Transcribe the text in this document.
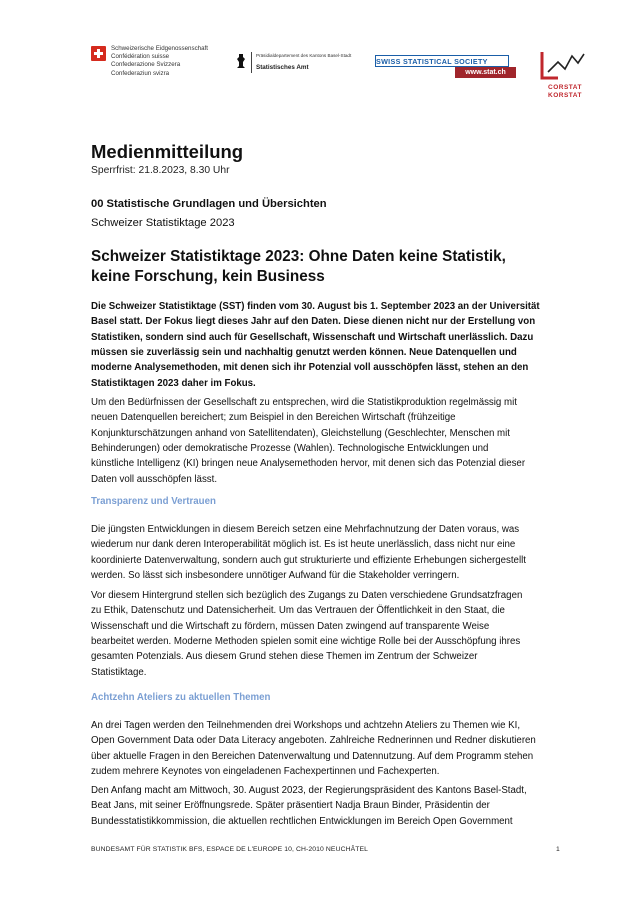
Schweizerische Eidgenossenschaft
Confédération suisse
Confederazione Svizzera
Confederaziun svizra
Präsidialdepartement des Kantons Basel-Stadt
Statistisches Amt
SWISS STATISTICAL SOCIETY
www.stat.ch
CORSTAT
KORSTAT
Medienmitteilung
Sperrfrist: 21.8.2023, 8.30 Uhr
00 Statistische Grundlagen und Übersichten
Schweizer Statistiktage 2023
Schweizer Statistiktage 2023: Ohne Daten keine Statistik,
keine Forschung, kein Business
Die Schweizer Statistiktage (SST) finden vom 30. August bis 1. September 2023 an der Universität
Basel statt. Der Fokus liegt dieses Jahr auf den Daten. Diese dienen nicht nur der Erstellung von
Statistiken, sondern sind auch für Gesellschaft, Wissenschaft und Wirtschaft unerlässlich. Dazu
müssen sie zuverlässig sein und nachhaltig genutzt werden können. Neue Datenquellen und
moderne Analysemethoden, mit denen sich ihr Potenzial voll ausschöpfen lässt, stehen an den
Statistiktagen 2023 daher im Fokus.
Um den Bedürfnissen der Gesellschaft zu entsprechen, wird die Statistikproduktion regelmässig mit
neuen Datenquellen bereichert; zum Beispiel in den Bereichen Wirtschaft (frühzeitige
Konjunkturschätzungen anhand von Satellitendaten), Gleichstellung (Geschlechter, Menschen mit
Behinderungen) oder demokratische Prozesse (Wahlen). Technologische Entwicklungen und
künstliche Intelligenz (KI) bringen neue Analysemethoden hervor, mit denen sich das Potenzial dieser
Daten voll ausschöpfen lässt.
Transparenz und Vertrauen
Die jüngsten Entwicklungen in diesem Bereich setzen eine Mehrfachnutzung der Daten voraus, was
wiederum nur dank deren Interoperabilität möglich ist. Es ist heute unerlässlich, dass nicht nur eine
koordinierte Datenverwaltung, sondern auch gut strukturierte und effiziente Erhebungen sichergestellt
werden. So lässt sich insbesondere unnötiger Aufwand für die Stakeholder verringern.
Vor diesem Hintergrund stellen sich bezüglich des Zugangs zu Daten verschiedene Grundsatzfragen
zu Ethik, Datenschutz und Datensicherheit. Um das Vertrauen der Öffentlichkeit in den Staat, die
Wissenschaft und die Wirtschaft zu fördern, müssen Daten zwingend auf transparente Weise
bearbeitet werden. Moderne Methoden spielen somit eine wichtige Rolle bei der Ausschöpfung ihres
gesamten Potenzials. Aus diesem Grund stehen diese Themen im Zentrum der Schweizer
Statistiktage.
Achtzehn Ateliers zu aktuellen Themen
An drei Tagen werden den Teilnehmenden drei Workshops und achtzehn Ateliers zu Themen wie KI,
Open Government Data oder Data Literacy angeboten. Zahlreiche Rednerinnen und Redner diskutieren
über aktuelle Fragen in den Bereichen Datenverwaltung und Datennutzung. Auf dem Programm stehen
zudem mehrere Keynotes von eingeladenen Fachexpertinnen und Fachexperten.
Den Anfang macht am Mittwoch, 30. August 2023, der Regierungspräsident des Kantons Basel-Stadt,
Beat Jans, mit seiner Eröffnungsrede. Später präsentiert Nadja Braun Binder, Präsidentin der
Bundesstatistikkommission, die aktuellen rechtlichen Entwicklungen im Bereich Open Government
BUNDESAMT FÜR STATISTIK BFS, ESPACE DE L'EUROPE 10, CH-2010 NEUCHÂTEL	1
